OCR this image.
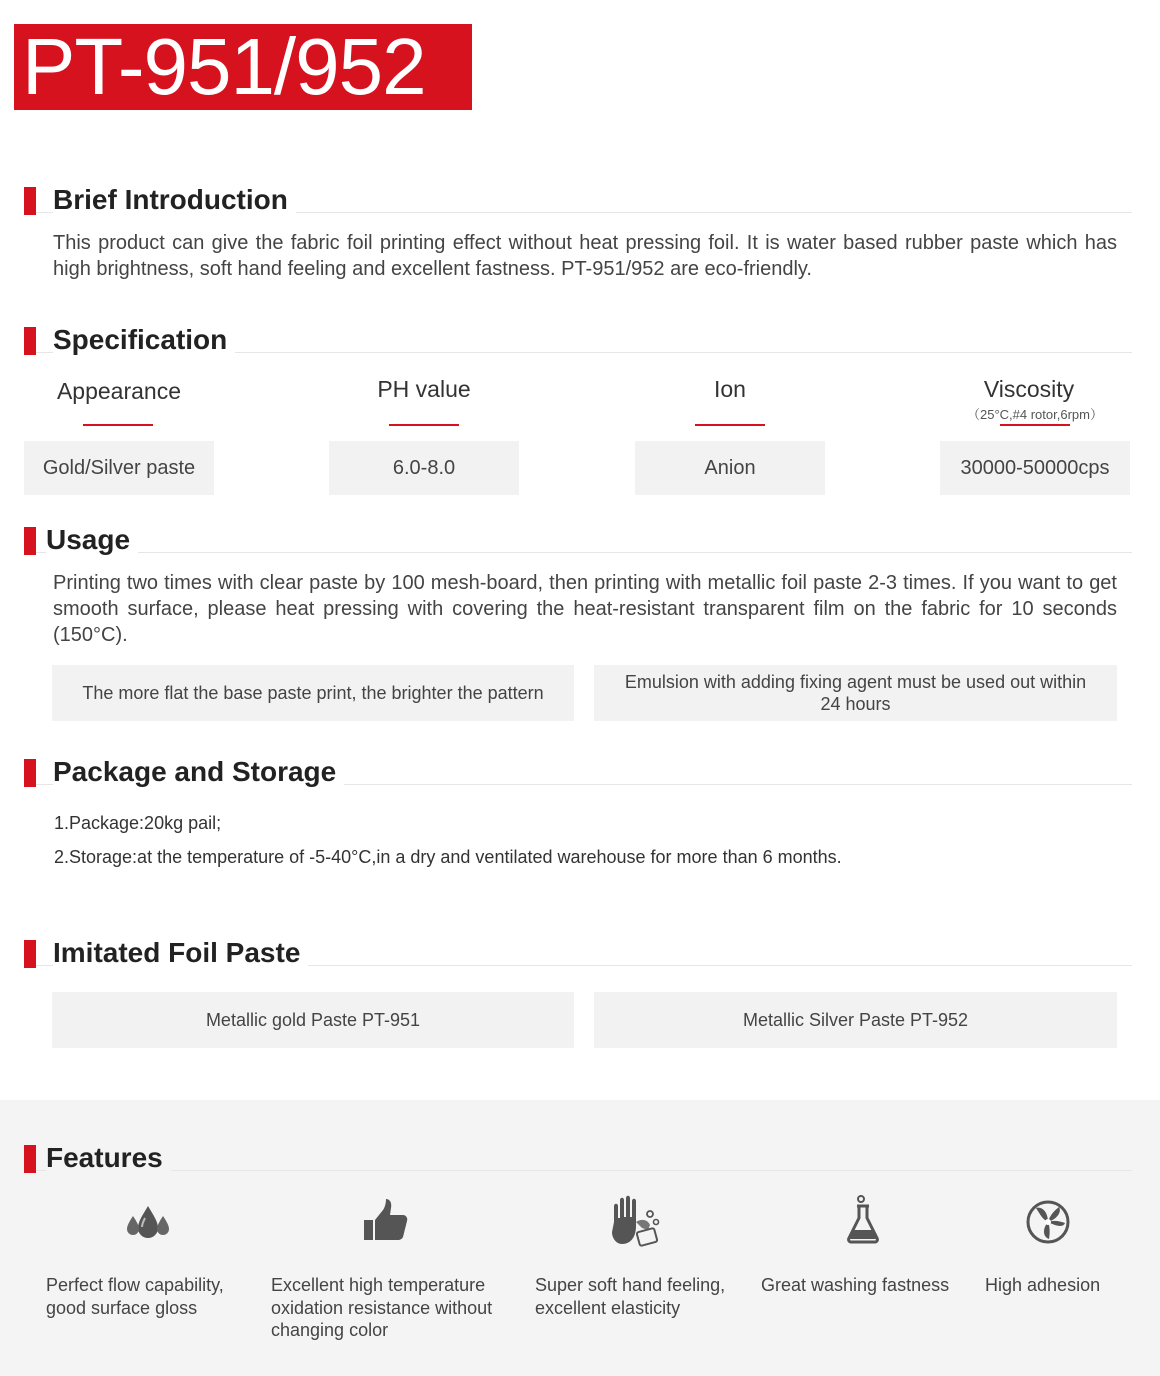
PT-951/952
Brief Introduction
This product can give the fabric foil printing effect without heat pressing foil. It is water based rubber paste which has high brightness, soft hand feeling and excellent fastness. PT-951/952 are eco-friendly.
Specification
Appearance	PH value	Ion	Viscosity
（25°C,#4 rotor,6rpm）
Gold/Silver paste	6.0-8.0	Anion	30000-50000cps
Usage
Printing two times with clear paste by 100 mesh-board, then printing with metallic foil paste 2-3 times. If you want to get smooth surface, please heat pressing with covering the heat-resistant transparent film on the fabric for 10 seconds (150°C).
The more flat the base paste print, the brighter the pattern
Emulsion with adding fixing agent must be used out within 24 hours
Package and Storage
1.Package:20kg pail;
2.Storage:at the temperature of -5-40°C,in a dry and ventilated warehouse for more than 6 months.
Imitated Foil Paste
Metallic gold Paste PT-951	Metallic Silver Paste PT-952
Features
Perfect flow capability, good surface gloss
Excellent high temperature oxidation resistance without changing color
Super soft hand feeling, excellent elasticity
Great washing fastness	High adhesion
